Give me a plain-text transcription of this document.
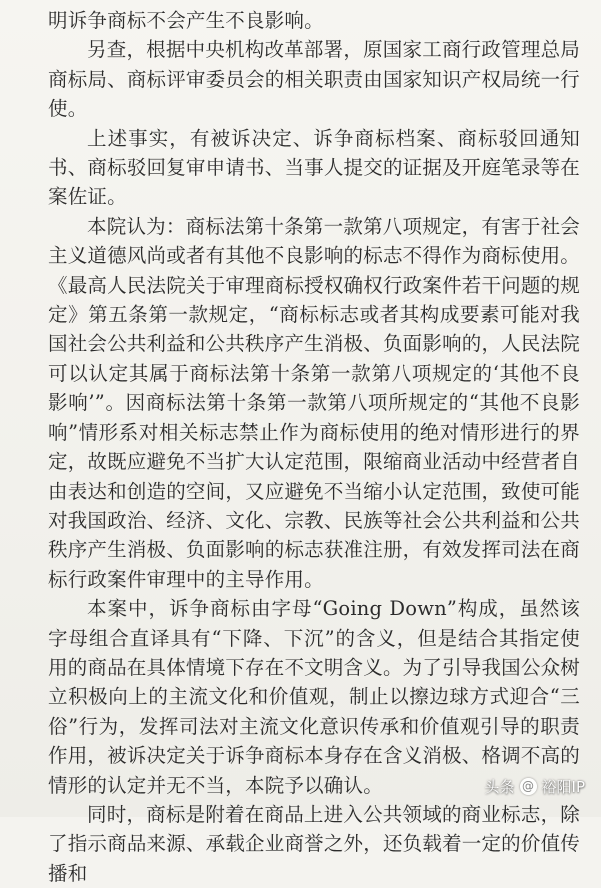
明诉争商标不会产生不良影响。

另查，根据中央机构改革部署，原国家工商行政管理总局商标局、商标评审委员会的相关职责由国家知识产权局统一行使。

上述事实，有被诉决定、诉争商标档案、商标驳回通知书、商标驳回复审申请书、当事人提交的证据及开庭笔录等在案佐证。

本院认为：商标法第十条第一款第八项规定，有害于社会主义道德风尚或者有其他不良影响的标志不得作为商标使用。《最高人民法院关于审理商标授权确权行政案件若干问题的规定》第五条第一款规定，“商标标志或者其构成要素可能对我国社会公共利益和公共秩序产生消极、负面影响的，人民法院可以认定其属于商标法第十条第一款第八项规定的‘其他不良影响’”。因商标法第十条第一款第八项所规定的“其他不良影响”情形系对相关标志禁止作为商标使用的绝对情形进行的界定，故既应避免不当扩大认定范围，限缩商业活动中经营者自由表达和创造的空间，又应避免不当缩小认定范围，致使可能对我国政治、经济、文化、宗教、民族等社会公共利益和公共秩序产生消极、负面影响的标志获准注册，有效发挥司法在商标行政案件审理中的主导作用。

本案中，诉争商标由字母“Going Down”构成，虽然该字母组合直译具有“下降、下沉”的含义，但是结合其指定使用的商品在具体情境下存在不文明含义。为了引导我国公众树立积极向上的主流文化和价值观，制止以擦边球方式迎合“三俗”行为，发挥司法对主流文化意识传承和价值观引导的职责作用，被诉决定关于诉争商标本身存在含义消极、格调不高的情形的认定并无不当，本院予以确认。

同时，商标是附着在商品上进入公共领域的商业标志，除了指示商品来源、承载企业商誉之外，还负载着一定的价值传播和

头条 @ 裕阳IP
